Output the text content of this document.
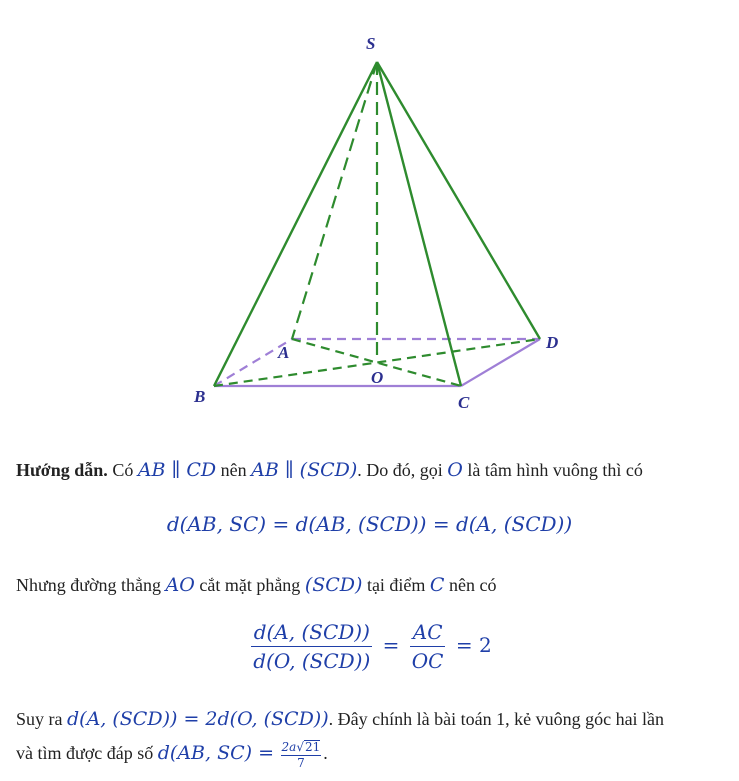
S
A
B	C
D
O
Hướng dẫn. Có AB ∥ CD nên AB ∥ (SCD). Do đó, gọi O là tâm hình vuông thì có
d(AB, SC) = d(AB, (SCD)) = d(A, (SCD))
Nhưng đường thẳng AO cắt mặt phẳng (SCD) tại điểm C nên có
$\frac{\text{d(A, (SCD))}}{\text{d(O, (SCD))}} = \frac{AC}{OC} = 2$
Suy ra d(A, (SCD)) = 2d(O, (SCD)). Đây chính là bài toán 1, kẻ vuông góc hai lần
và tìm được đáp số d(AB, $SC) = \frac{2a√21}{7}$ .
